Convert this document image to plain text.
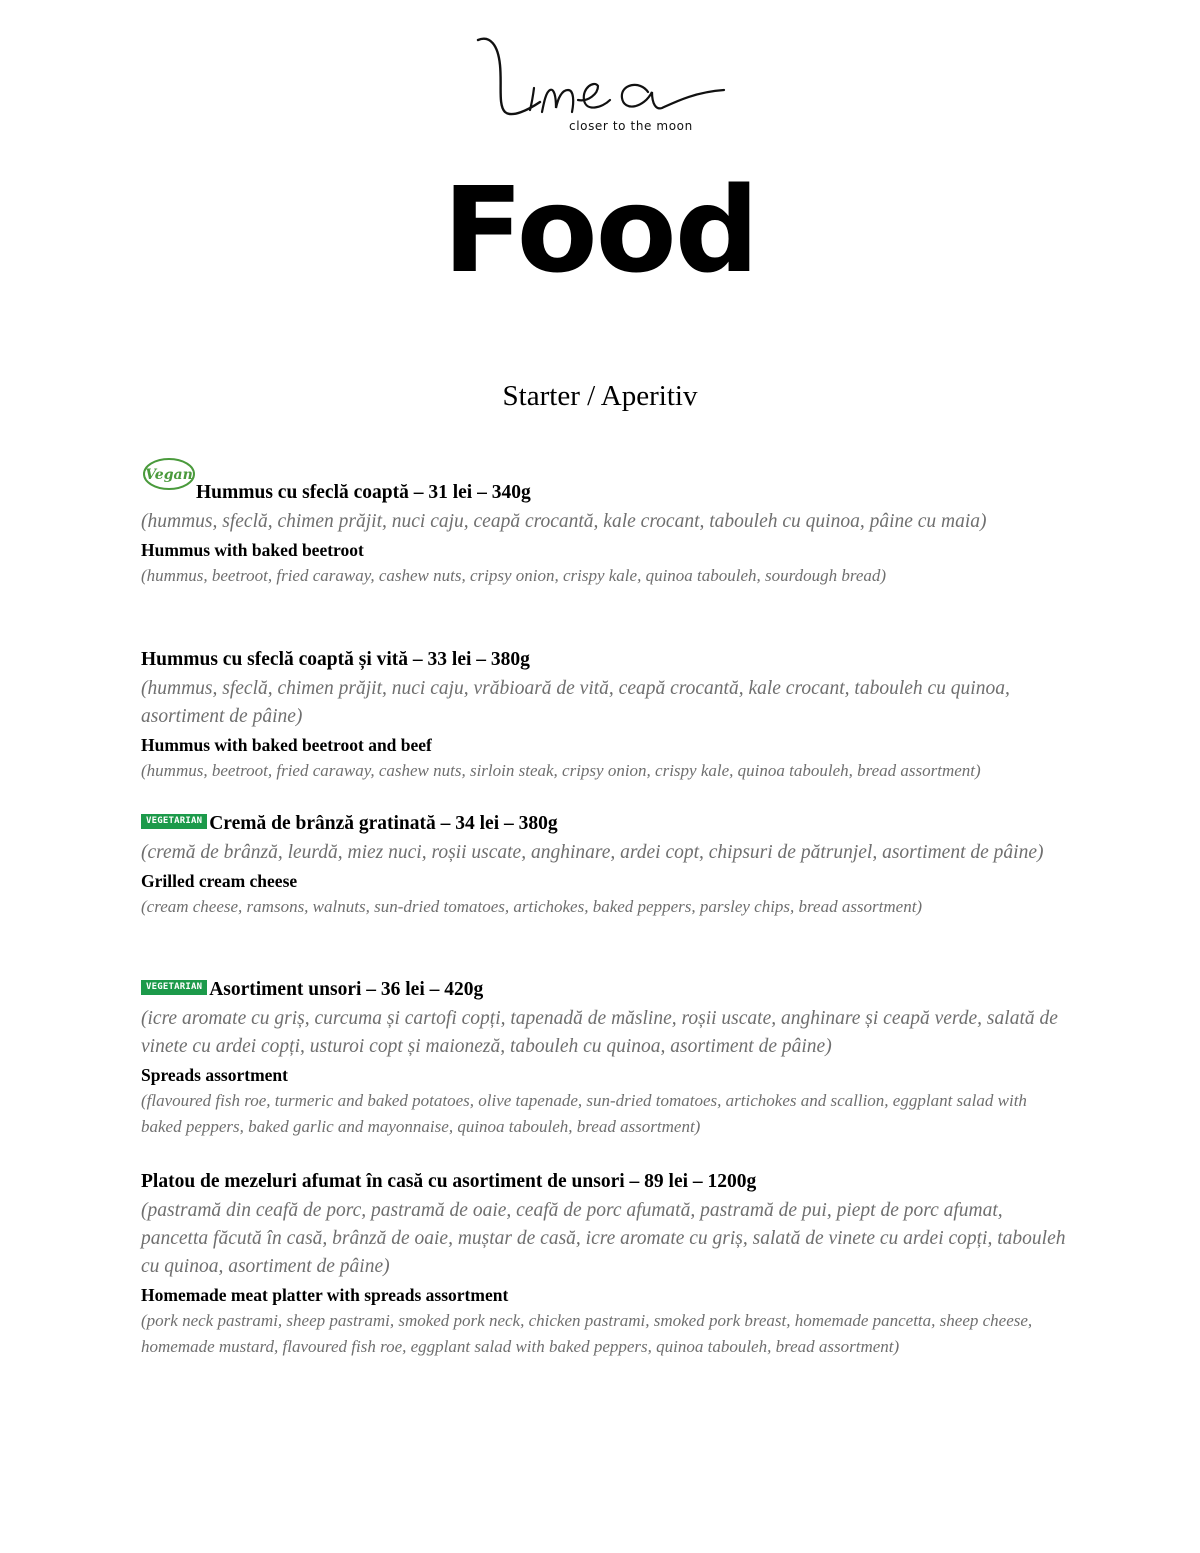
closer to the moon
Food
Starter / Aperitiv
Vegan
Hummus cu sfeclă coaptă – 31 lei – 340g
(hummus, sfeclă, chimen prăjit, nuci caju, ceapă crocantă, kale crocant, tabouleh cu quinoa, pâine cu maia)
Hummus with baked beetroot
(hummus, beetroot, fried caraway, cashew nuts, cripsy onion, crispy kale, quinoa tabouleh, sourdough bread)
Hummus cu sfeclă coaptă și vită – 33 lei – 380g
(hummus, sfeclă, chimen prăjit, nuci caju, vrăbioară de vită, ceapă crocantă, kale crocant, tabouleh cu quinoa, asortiment de pâine)
Hummus with baked beetroot and beef
(hummus, beetroot, fried caraway, cashew nuts, sirloin steak, cripsy onion, crispy kale, quinoa tabouleh, bread assortment)
VEGETARIAN Cremă de brânză gratinată – 34 lei – 380g
(cremă de brânză, leurdă, miez nuci, roșii uscate, anghinare, ardei copt, chipsuri de pătrunjel, asortiment de pâine)
Grilled cream cheese
(cream cheese, ramsons, walnuts, sun-dried tomatoes, artichokes, baked peppers, parsley chips, bread assortment)
VEGETARIAN Asortiment unsori – 36 lei – 420g
(icre aromate cu griș, curcuma și cartofi copți, tapenadă de măsline, roșii uscate, anghinare și ceapă verde, salată de vinete cu ardei copți, usturoi copt și maioneză, tabouleh cu quinoa, asortiment de pâine)
Spreads assortment
(flavoured fish roe, turmeric and baked potatoes, olive tapenade, sun-dried tomatoes, artichokes and scallion, eggplant salad with baked peppers, baked garlic and mayonnaise, quinoa tabouleh, bread assortment)
Platou de mezeluri afumat în casă cu asortiment de unsori – 89 lei – 1200g
(pastramă din ceafă de porc, pastramă de oaie, ceafă de porc afumată, pastramă de pui, piept de porc afumat, pancetta făcută în casă, brânză de oaie, muștar de casă, icre aromate cu griș, salată de vinete cu ardei copți, tabouleh cu quinoa, asortiment de pâine)
Homemade meat platter with spreads assortment
(pork neck pastrami, sheep pastrami, smoked pork neck, chicken pastrami, smoked pork breast, homemade pancetta, sheep cheese, homemade mustard, flavoured fish roe, eggplant salad with baked peppers, quinoa tabouleh, bread assortment)
